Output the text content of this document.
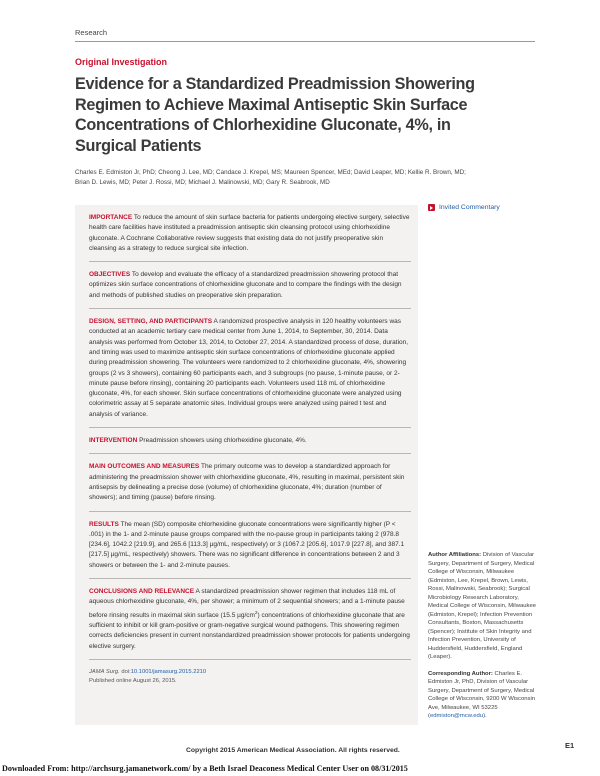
Research
Original Investigation
Evidence for a Standardized Preadmission Showering Regimen to Achieve Maximal Antiseptic Skin Surface Concentrations of Chlorhexidine Gluconate, 4%, in Surgical Patients
Charles E. Edmiston Jr, PhD; Cheong J. Lee, MD; Candace J. Krepel, MS; Maureen Spencer, MEd; David Leaper, MD; Kellie R. Brown, MD;
Brian D. Lewis, MD; Peter J. Rossi, MD; Michael J. Malinowski, MD; Gary R. Seabrook, MD

IMPORTANCE To reduce the amount of skin surface bacteria for patients undergoing elective surgery, selective health care facilities have instituted a preadmission antiseptic skin cleansing protocol using chlorhexidine gluconate. A Cochrane Collaborative review suggests that existing data do not justify preoperative skin cleansing as a strategy to reduce surgical site infection.

OBJECTIVES To develop and evaluate the efficacy of a standardized preadmission showering protocol that optimizes skin surface concentrations of chlorhexidine gluconate and to compare the findings with the design and methods of published studies on preoperative skin preparation.

DESIGN, SETTING, AND PARTICIPANTS A randomized prospective analysis in 120 healthy volunteers was conducted at an academic tertiary care medical center from June 1, 2014, to September, 30, 2014. Data analysis was performed from October 13, 2014, to October 27, 2014. A standardized process of dose, duration, and timing was used to maximize antiseptic skin surface concentrations of chlorhexidine gluconate applied during preadmission showering. The volunteers were randomized to 2 chlorhexidine gluconate, 4%, showering groups (2 vs 3 showers), containing 60 participants each, and 3 subgroups (no pause, 1-minute pause, or 2-minute pause before rinsing), containing 20 participants each. Volunteers used 118 mL of chlorhexidine gluconate, 4%, for each shower. Skin surface concentrations of chlorhexidine gluconate were analyzed using colorimetric assay at 5 separate anatomic sites. Individual groups were analyzed using paired t test and analysis of variance.

INTERVENTION Preadmission showers using chlorhexidine gluconate, 4%.

MAIN OUTCOMES AND MEASURES The primary outcome was to develop a standardized approach for administering the preadmission shower with chlorhexidine gluconate, 4%, resulting in maximal, persistent skin antisepsis by delineating a precise dose (volume) of chlorhexidine gluconate, 4%; duration (number of showers); and timing (pause) before rinsing.

RESULTS The mean (SD) composite chlorhexidine gluconate concentrations were significantly higher (P < .001) in the 1- and 2-minute pause groups compared with the no-pause group in participants taking 2 (978.8 [234.6], 1042.2 [219.9], and 265.6 [113.3] µg/mL, respectively) or 3 (1067.2 [205.6], 1017.9 [227.8], and 387.1 [217.5] µg/mL, respectively) showers. There was no significant difference in concentrations between 2 and 3 showers or between the 1- and 2-minute pauses.

CONCLUSIONS AND RELEVANCE A standardized preadmission shower regimen that includes 118 mL of aqueous chlorhexidine gluconate, 4%, per shower; a minimum of 2 sequential showers; and a 1-minute pause before rinsing results in maximal skin surface (15.5 $\mu g/cm^2$) concentrations of chlorhexidine gluconate that are sufficient to inhibit or kill gram-positive or gram-negative surgical wound pathogens. This showering regimen corrects deficiencies present in current nonstandardized preadmission shower protocols for patients undergoing elective surgery.

JAMA Surg. doi:10.1001/jamasurg.2015.2210
Published online August 26, 2015.
Invited Commentary
Author Affiliations: Division of Vascular Surgery, Department of Surgery, Medical College of Wisconsin, Milwaukee (Edmiston, Lee, Krepel, Brown, Lewis, Rossi, Malinowski, Seabrook); Surgical Microbiology Research Laboratory, Medical College of Wisconsin, Milwaukee (Edmiston, Krepel); Infection Prevention Consultants, Boston, Massachusetts (Spencer); Institute of Skin Integrity and Infection Prevention, University of Huddersfield, Huddersfield, England (Leaper).
Corresponding Author: Charles E. Edmiston Jr, PhD, Division of Vascular Surgery, Department of Surgery, Medical College of Wisconsin, 9200 W Wisconsin Ave, Milwaukee, WI 53225 (edmiston@mcw.edu).
E1
Copyright 2015 American Medical Association. All rights reserved.
Downloaded From: http://archsurg.jamanetwork.com/ by a Beth Israel Deaconess Medical Center User on 08/31/2015
